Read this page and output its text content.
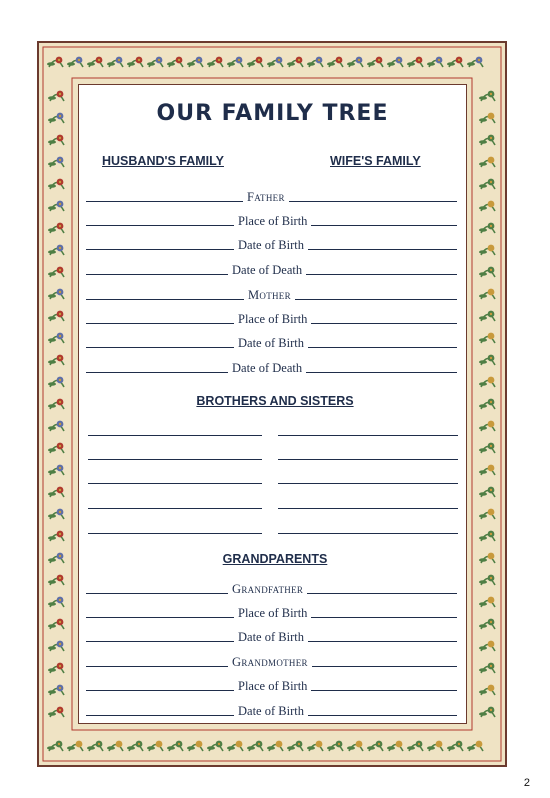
OUR FAMILY TREE
HUSBAND'S FAMILY	WIFE'S FAMILY
Father
Place of Birth
Date of Birth
Date of Death
Mother
Place of Birth
Date of Birth
Date of Death
BROTHERS AND SISTERS
GRANDPARENTS
Grandfather
Place of Birth
Date of Birth
Grandmother
Place of Birth
Date of Birth
2
